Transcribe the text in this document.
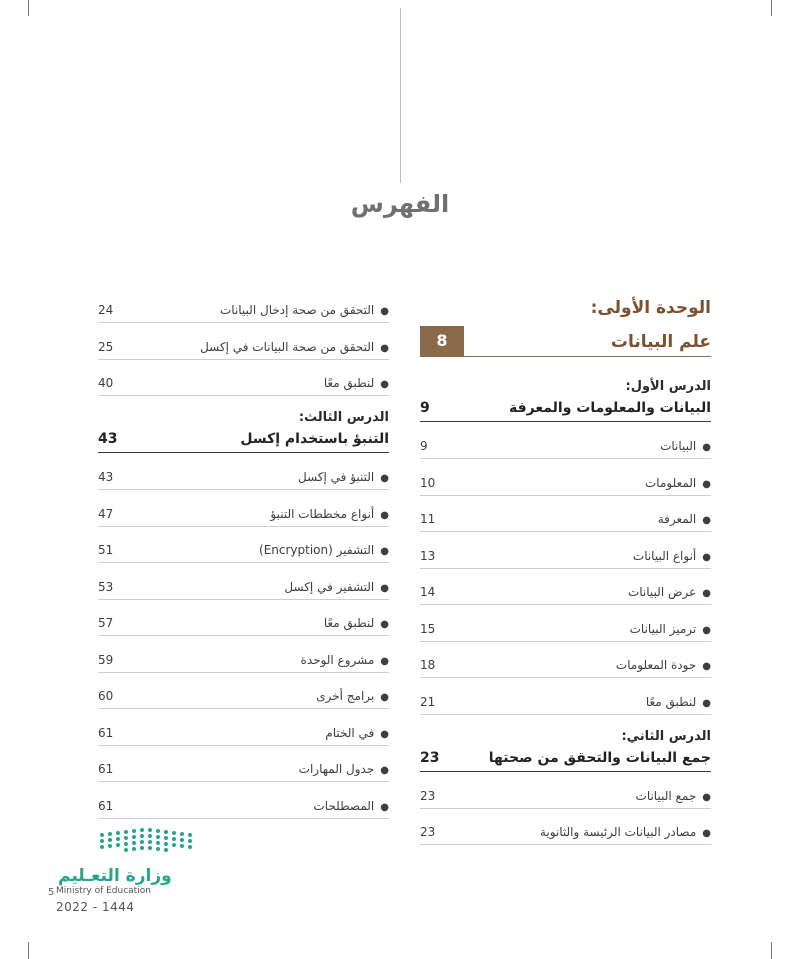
الفهرس
الوحدة الأولى:
علم البيانات
8
الدرس الأول:
البيانات والمعلومات والمعرفة
9
●البيانات
9
●المعلومات
10
●المعرفة
11
●أنواع البيانات
13
●عرض البيانات
14
●ترميز البيانات
15
●جودة المعلومات
18
●لنطبق معًا
21
الدرس الثاني:
جمع البيانات والتحقق من صحتها
23
●جمع البيانات
23
●مصادر البيانات الرئيسة والثانوية
23
●التحقق من صحة إدخال البيانات
24
●التحقق من صحة البيانات في إكسل
25
●لنطبق معًا
40
الدرس الثالث:
التنبؤ باستخدام إكسل
43
●التنبؤ في إكسل
43
●أنواع مخططات التنبؤ
47
●التشفير (Encryption)
51
●التشفير في إكسل
53
●لنطبق معًا
57
●مشروع الوحدة
59
●برامج أخرى
60
●في الختام
61
●جدول المهارات
61
●المصطلحات
61
وزارة التعـليم
Ministry of Education
2022 - 1444
5
